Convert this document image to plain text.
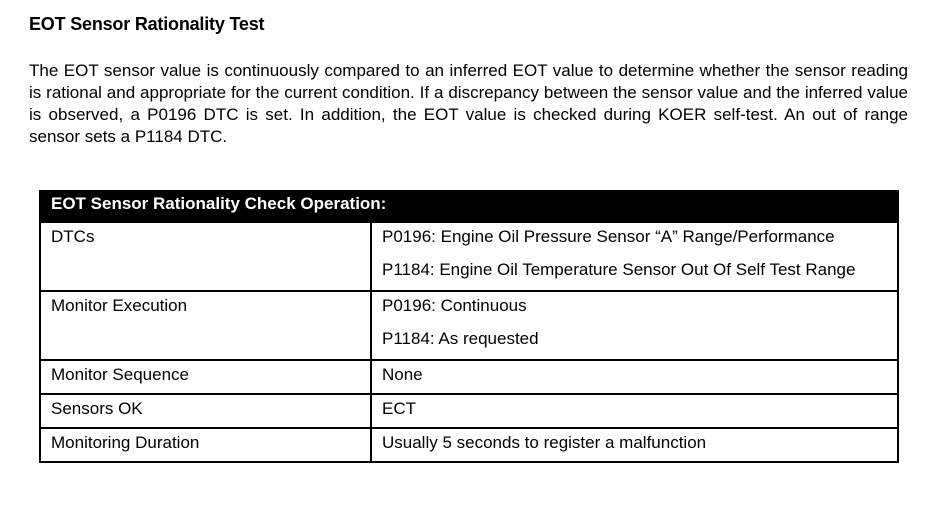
EOT Sensor Rationality Test
The EOT sensor value is continuously compared to an inferred EOT value to determine whether the sensor reading is rational and appropriate for the current condition. If a discrepancy between the sensor value and the inferred value is observed, a P0196 DTC is set. In addition, the EOT value is checked during KOER self-test. An out of range sensor sets a P1184 DTC.
EOT Sensor Rationality Check Operation:	
DTCs	P0196: Engine Oil Pressure Sensor “A” Range/Performance
P1184: Engine Oil Temperature Sensor Out Of Self Test Range

Monitor Execution	P0196: Continuous
P1184: As requested

Monitor Sequence	None
Sensors OK	ECT
Monitoring Duration	Usually 5 seconds to register a malfunction
